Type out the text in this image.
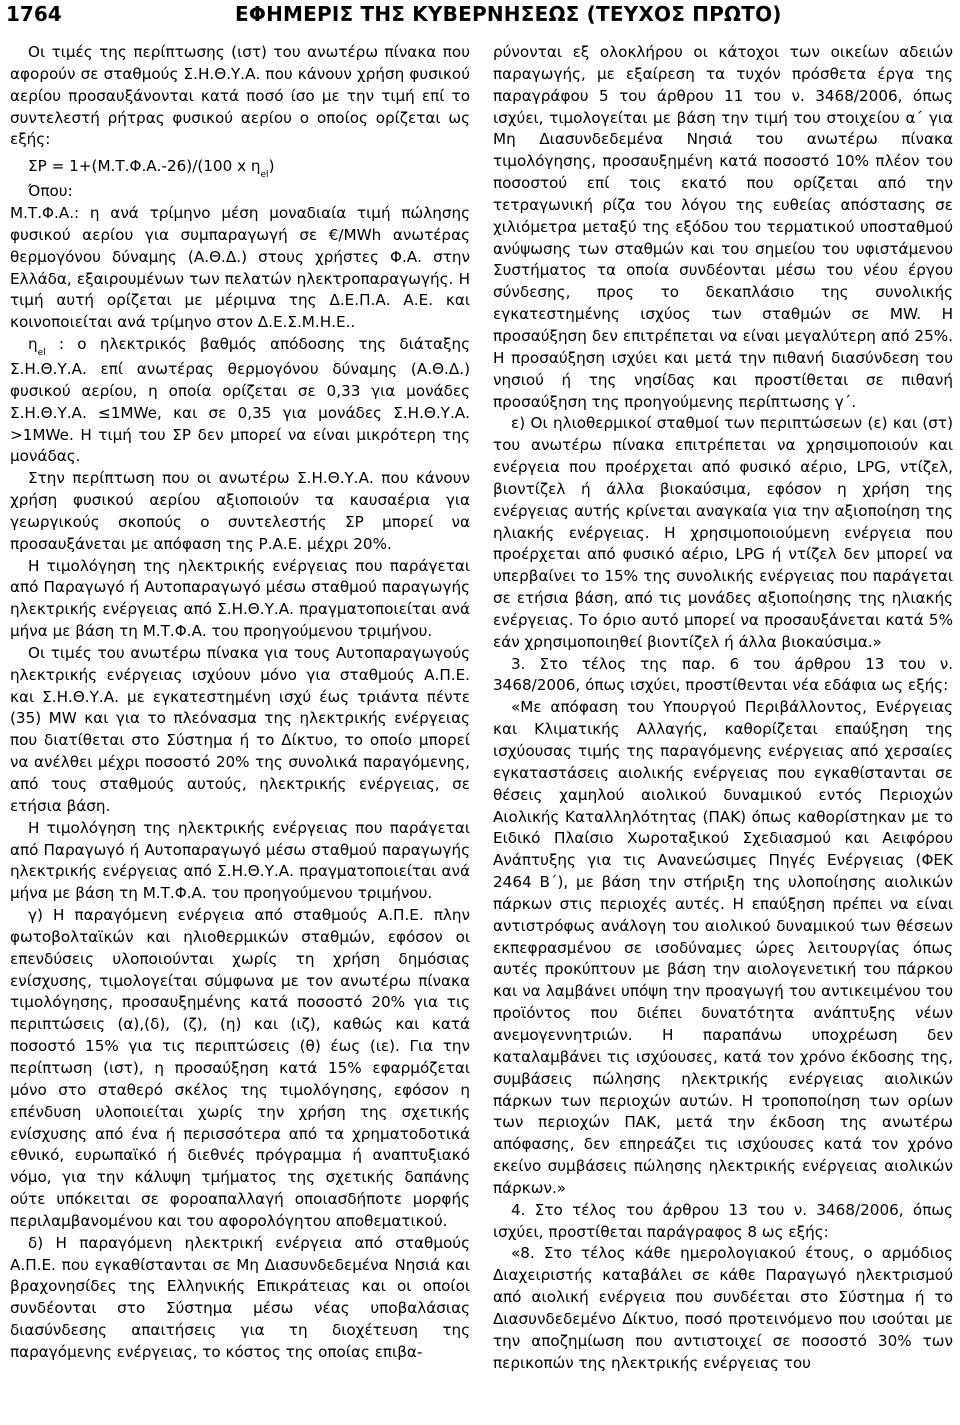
1764	ΕΦΗΜΕΡΙΣ ΤΗΣ ΚΥΒΕΡΝΗΣΕΩΣ (ΤΕΥΧΟΣ ΠΡΩΤΟ)

Οι τιμές της περίπτωσης (ιστ) του ανωτέρω πίνακα που αφορούν σε σταθμούς Σ.Η.Θ.Υ.Α. που κάνουν χρήση φυσικού αερίου προσαυξάνονται κατά ποσό ίσο με την τιμή επί το συντελεστή ρήτρας φυσικού αερίου ο οποίος ορίζεται ως εξής:

ΣΡ = 1+(Μ.Τ.Φ.Α.-26)/(100 x $\eta_{el}$)

Όπου:

Μ.Τ.Φ.Α.: η ανά τρίμηνο μέση μοναδιαία τιμή πώλησης φυσικού αερίου για συμπαραγωγή σε €/MWh ανωτέρας θερμογόνου δύναμης (Α.Θ.Δ.) στους χρήστες Φ.Α. στην Ελλάδα, εξαιρουμένων των πελατών ηλεκτροπαραγωγής. Η τιμή αυτή ορίζεται με μέριμνα της Δ.Ε.Π.Α. Α.Ε. και κοινοποιείται ανά τρίμηνο στον Δ.Ε.Σ.Μ.Η.Ε..

$\eta_{el}$ : ο ηλεκτρικός βαθμός απόδοσης της διάταξης Σ.Η.Θ.Υ.Α. επί ανωτέρας θερμογόνου δύναμης (Α.Θ.Δ.) φυσικού αερίου, η οποία ορίζεται σε 0,33 για μονάδες Σ.Η.Θ.Υ.Α. ≤1MWe, και σε 0,35 για μονάδες Σ.Η.Θ.Υ.Α. >1MWe. Η τιμή του ΣΡ δεν μπορεί να είναι μικρότερη της μονάδας.

Στην περίπτωση που οι ανωτέρω Σ.Η.Θ.Υ.Α. που κάνουν χρήση φυσικού αερίου αξιοποιούν τα καυσαέρια για γεωργικούς σκοπούς ο συντελεστής ΣΡ μπορεί να προσαυξάνεται με απόφαση της Ρ.Α.Ε. μέχρι 20%.

Η τιμολόγηση της ηλεκτρικής ενέργειας που παράγεται από Παραγωγό ή Αυτοπαραγωγό μέσω σταθμού παραγωγής ηλεκτρικής ενέργειας από Σ.Η.Θ.Υ.Α. πραγματοποιείται ανά μήνα με βάση τη Μ.Τ.Φ.Α. του προηγούμενου τριμήνου.

Οι τιμές του ανωτέρω πίνακα για τους Αυτοπαραγωγούς ηλεκτρικής ενέργειας ισχύουν μόνο για σταθμούς Α.Π.Ε. και Σ.Η.Θ.Υ.Α. με εγκατεστημένη ισχύ έως τριάντα πέντε (35) MW και για το πλεόνασμα της ηλεκτρικής ενέργειας που διατίθεται στο Σύστημα ή το Δίκτυο, το οποίο μπορεί να ανέλθει μέχρι ποσοστό 20% της συνολικά παραγόμενης, από τους σταθμούς αυτούς, ηλεκτρικής ενέργειας, σε ετήσια βάση.

Η τιμολόγηση της ηλεκτρικής ενέργειας που παράγεται από Παραγωγό ή Αυτοπαραγωγό μέσω σταθμού παραγωγής ηλεκτρικής ενέργειας από Σ.Η.Θ.Υ.Α. πραγματοποιείται ανά μήνα με βάση τη Μ.Τ.Φ.Α. του προηγούμενου τριμήνου.

γ) Η παραγόμενη ενέργεια από σταθμούς Α.Π.Ε. πλην φωτοβολταϊκών και ηλιοθερμικών σταθμών, εφόσον οι επενδύσεις υλοποιούνται χωρίς τη χρήση δημόσιας ενίσχυσης, τιμολογείται σύμφωνα με τον ανωτέρω πίνακα τιμολόγησης, προσαυξημένης κατά ποσοστό 20% για τις περιπτώσεις (α),(δ), (ζ), (η) και (ιζ), καθώς και κατά ποσοστό 15% για τις περιπτώσεις (θ) έως (ιε). Για την περίπτωση (ιστ), η προσαύξηση κατά 15% εφαρμόζεται μόνο στο σταθερό σκέλος της τιμολόγησης, εφόσον η επένδυση υλοποιείται χωρίς την χρήση της σχετικής ενίσχυσης από ένα ή περισσότερα από τα χρηματοδοτικά εθνικό, ευρωπαϊκό ή διεθνές πρόγραμμα ή αναπτυξιακό νόμο, για την κάλυψη τμήματος της σχετικής δαπάνης ούτε υπόκειται σε φοροαπαλλαγή οποιασδήποτε μορφής περιλαμβανομένου και του αφορολόγητου αποθεματικού.

δ) Η παραγόμενη ηλεκτρική ενέργεια από σταθμούς Α.Π.Ε. που εγκαθίστανται σε Μη Διασυνδεδεμένα Νησιά και βραχονησίδες της Ελληνικής Επικράτειας και οι οποίοι συνδέονται στο Σύστημα μέσω νέας υποβαλάσιας διασύνδεσης απαιτήσεις για τη διοχέτευση της παραγόμενης ενέργειας, το κόστος της οποίας επιβα-

ρύνονται εξ ολοκλήρου οι κάτοχοι των οικείων αδειών παραγωγής, με εξαίρεση τα τυχόν πρόσθετα έργα της παραγράφου 5 του άρθρου 11 του ν. 3468/2006, όπως ισχύει, τιμολογείται με βάση την τιμή του στοιχείου α΄ για Μη Διασυνδεδεμένα Νησιά του ανωτέρω πίνακα τιμολόγησης, προσαυξημένη κατά ποσοστό 10% πλέον του ποσοστού επί τοις εκατό που ορίζεται από την τετραγωνική ρίζα του λόγου της ευθείας απόστασης σε χιλιόμετρα μεταξύ της εξόδου του τερματικού υποσταθμού ανύψωσης των σταθμών και του σημείου του υφιστάμενου Συστήματος τα οποία συνδέονται μέσω του νέου έργου σύνδεσης, προς το δεκαπλάσιο της συνολικής εγκατεστημένης ισχύος των σταθμών σε MW. Η προσαύξηση δεν επιτρέπεται να είναι μεγαλύτερη από 25%. Η προσαύξηση ισχύει και μετά την πιθανή διασύνδεση του νησιού ή της νησίδας και προστίθεται σε πιθανή προσαύξηση της προηγούμενης περίπτωσης γ΄.

ε) Οι ηλιοθερμικοί σταθμοί των περιπτώσεων (ε) και (στ) του ανωτέρω πίνακα επιτρέπεται να χρησιμοποιούν και ενέργεια που προέρχεται από φυσικό αέριο, LPG, ντίζελ, βιοντίζελ ή άλλα βιοκαύσιμα, εφόσον η χρήση της ενέργειας αυτής κρίνεται αναγκαία για την αξιοποίηση της ηλιακής ενέργειας. Η χρησιμοποιούμενη ενέργεια που προέρχεται από φυσικό αέριο, LPG ή ντίζελ δεν μπορεί να υπερβαίνει το 15% της συνολικής ενέργειας που παράγεται σε ετήσια βάση, από τις μονάδες αξιοποίησης της ηλιακής ενέργειας. Το όριο αυτό μπορεί να προσαυξάνεται κατά 5% εάν χρησιμοποιηθεί βιοντίζελ ή άλλα βιοκαύσιμα.»

3. Στο τέλος της παρ. 6 του άρθρου 13 του ν. 3468/2006, όπως ισχύει, προστίθενται νέα εδάφια ως εξής:

«Με απόφαση του Υπουργού Περιβάλλοντος, Ενέργειας και Κλιματικής Αλλαγής, καθορίζεται επαύξηση της ισχύουσας τιμής της παραγόμενης ενέργειας από χερσαίες εγκαταστάσεις αιολικής ενέργειας που εγκαθίστανται σε θέσεις χαμηλού αιολικού δυναμικού εντός Περιοχών Αιολικής Καταλληλότητας (ΠΑΚ) όπως καθορίστηκαν με το Ειδικό Πλαίσιο Χωροταξικού Σχεδιασμού και Αειφόρου Ανάπτυξης για τις Ανανεώσιμες Πηγές Ενέργειας (ΦΕΚ 2464 Β΄), με βάση την στήριξη της υλοποίησης αιολικών πάρκων στις περιοχές αυτές. Η επαύξηση πρέπει να είναι αντιστρόφως ανάλογη του αιολικού δυναμικού των θέσεων εκπεφρασμένου σε ισοδύναμες ώρες λειτουργίας όπως αυτές προκύπτουν με βάση την αιολογενετική του πάρκου και να λαμβάνει υπόψη την προαγωγή του αντικειμένου του προϊόντος που διέπει δυνατότητα ανάπτυξης νέων ανεμογεννητριών. Η παραπάνω υποχρέωση δεν καταλαμβάνει τις ισχύουσες, κατά τον χρόνο έκδοσης της, συμβάσεις πώλησης ηλεκτρικής ενέργειας αιολικών πάρκων των περιοχών αυτών. Η τροποποίηση των ορίων των περιοχών ΠΑΚ, μετά την έκδοση της ανωτέρω απόφασης, δεν επηρεάζει τις ισχύουσες κατά τον χρόνο εκείνο συμβάσεις πώλησης ηλεκτρικής ενέργειας αιολικών πάρκων.»

4. Στο τέλος του άρθρου 13 του ν. 3468/2006, όπως ισχύει, προστίθεται παράγραφος 8 ως εξής:

«8. Στο τέλος κάθε ημερολογιακού έτους, ο αρμόδιος Διαχειριστής καταβάλει σε κάθε Παραγωγό ηλεκτρισμού από αιολική ενέργεια που συνδέεται στο Σύστημα ή το Διασυνδεδεμένο Δίκτυο, ποσό προτεινόμενο που ισούται με την αποζημίωση που αντιστοιχεί σε ποσοστό 30% των περικοπών της ηλεκτρικής ενέργειας του
